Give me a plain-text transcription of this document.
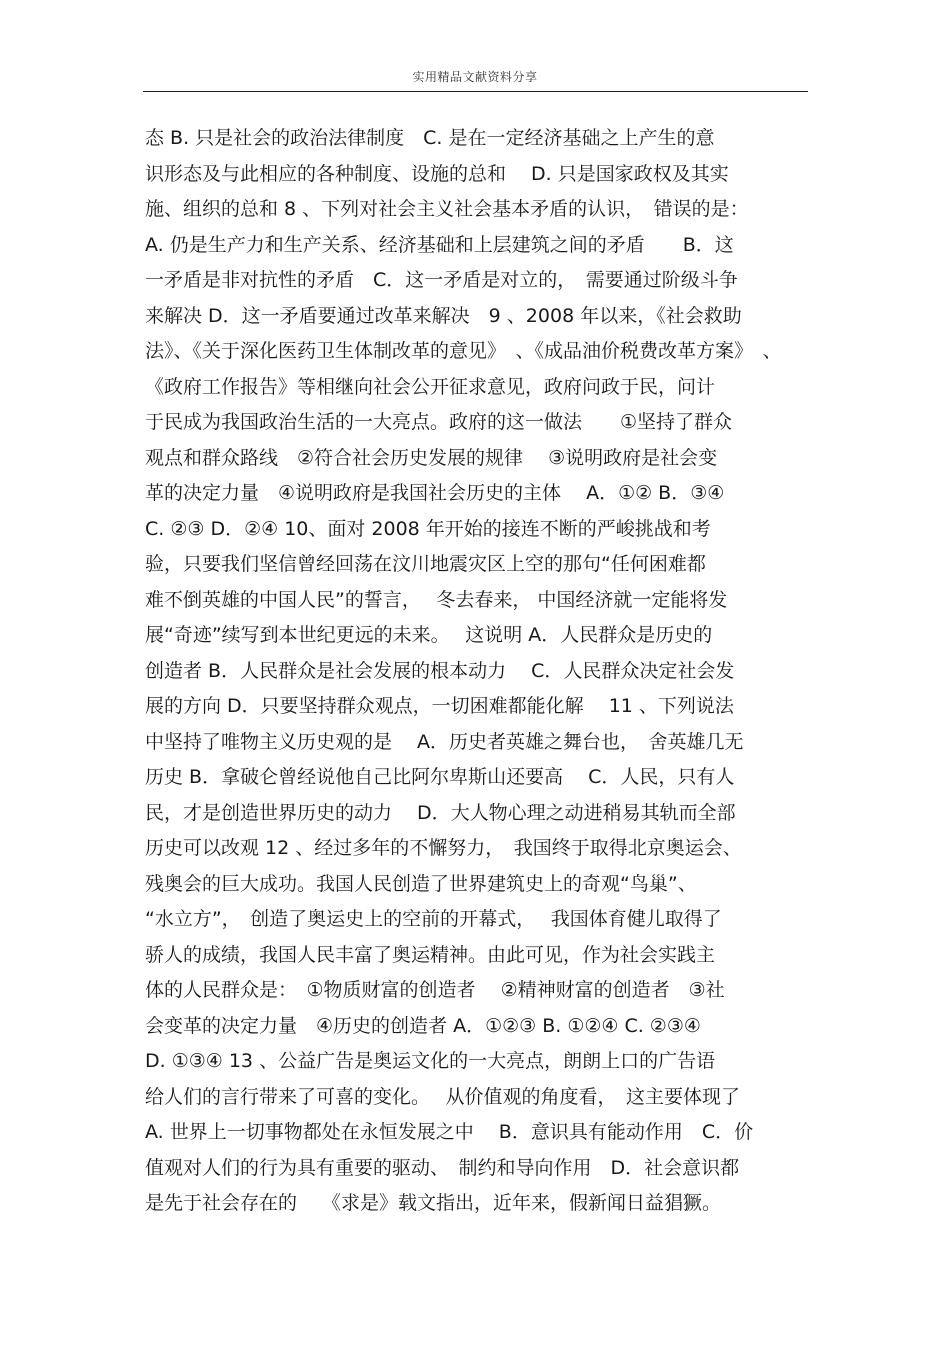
实用精品文献资料分享
态 B. 只是社会的政治法律制度　C. 是在一定经济基础之上产生的意
识形态及与此相应的各种制度、设施的总和　 D. 只是国家政权及其实
施、组织的总和 8 、下列对社会主义社会基本矛盾的认识，　错误的是：
A. 仍是生产力和生产关系、经济基础和上层建筑之间的矛盾　　B．这
一矛盾是非对抗性的矛盾　C．这一矛盾是对立的，　需要通过阶级斗争
来解决 D．这一矛盾要通过改革来解决　9 、2008 年以来，《社会救助
法》、《关于深化医药卫生体制改革的意见》　、《成品油价税费改革方案》　、
《政府工作报告》等相继向社会公开征求意见，政府问政于民，问计
于民成为我国政治生活的一大亮点。政府的这一做法　　①坚持了群众
观点和群众路线　②符合社会历史发展的规律　 ③说明政府是社会变
革的决定力量　④说明政府是我国社会历史的主体　 A．①② B．③④
C. ②③ D．②④ 10、面对 2008 年开始的接连不断的严峻挑战和考
验，只要我们坚信曾经回荡在汶川地震灾区上空的那句“任何困难都
难不倒英雄的中国人民”的誓言，　 冬去春来， 中国经济就一定能将发
展“奇迹”续写到本世纪更远的未来。　 这说明 A．人民群众是历史的
创造者 B．人民群众是社会发展的根本动力　 C．人民群众决定社会发
展的方向 D．只要坚持群众观点，一切困难都能化解　 11 、下列说法
中坚持了唯物主义历史观的是　 A．历史者英雄之舞台也，　舍英雄几无
历史 B．拿破仑曾经说他自己比阿尔卑斯山还要高　 C．人民，只有人
民，才是创造世界历史的动力　 D．大人物心理之动进稍易其轨而全部
历史可以改观 12 、经过多年的不懈努力，　我国终于取得北京奥运会、
残奥会的巨大成功。我国人民创造了世界建筑史上的奇观“鸟巢”、
“水立方”，　创造了奥运史上的空前的开幕式，　 我国体育健儿取得了
骄人的成绩，我国人民丰富了奥运精神。由此可见，作为社会实践主
体的人民群众是：　①物质财富的创造者　 ②精神财富的创造者　③社
会变革的决定力量　④历史的创造者 A．①②③ B. ①②④ C. ②③④
D. ①③④ 13 、公益广告是奥运文化的一大亮点，朗朗上口的广告语
给人们的言行带来了可喜的变化。　 从价值观的角度看，　这主要体现了
A. 世界上一切事物都处在永恒发展之中　 B．意识具有能动作用　C．价
值观对人们的行为具有重要的驱动、　制约和导向作用　D．社会意识都
是先于社会存在的　 《求是》载文指出，近年来，假新闻日益猖獗。
